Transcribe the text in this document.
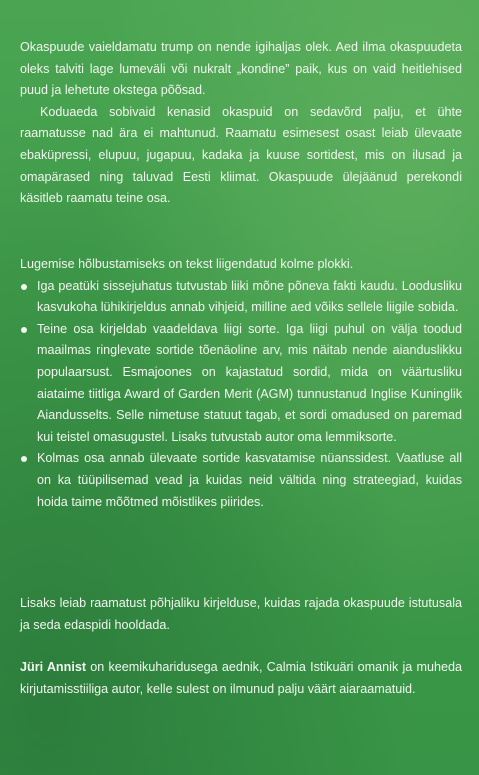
Okaspuude vaieldamatu trump on nende igihaljas olek. Aed ilma okaspuudeta oleks talviti lage lumeväli või nukralt „kondine” paik, kus on vaid heitlehised puud ja lehetute okstega põõsad.

Koduaeda sobivaid kenasid okaspuid on sedavõrd palju, et ühte raamatusse nad ära ei mahtunud. Raamatu esimesest osast leiab ülevaate ebaküpressi, elupuu, jugapuu, kadaka ja kuuse sortidest, mis on ilusad ja omapärased ning taluvad Eesti kliimat. Okaspuude ülejäänud perekondi käsitleb raamatu teine osa.

Lugemise hõlbustamiseks on tekst liigendatud kolme plokki.

Iga peatüki sissejuhatus tutvustab liiki mõne põneva fakti kaudu. Loodusliku kasvukoha lühikirjeldus annab vihjeid, milline aed võiks sellele liigile sobida.
Teine osa kirjeldab vaadeldava liigi sorte. Iga liigi puhul on välja toodud maailmas ringlevate sortide tõenäoline arv, mis näitab nende aianduslikku populaarsust. Esmajoones on kajastatud sordid, mida on väärtusliku aiataime tiitliga Award of Garden Merit (AGM) tunnustanud Inglise Kuninglik Aiandusselts. Selle nimetuse statuut tagab, et sordi omadused on paremad kui teistel omasugustel. Lisaks tutvustab autor oma lemmiksorte.
Kolmas osa annab ülevaate sortide kasvatamise nüanssidest. Vaatluse all on ka tüüpilisemad vead ja kuidas neid vältida ning strateegiad, kuidas hoida taime mõõtmed mõistlikes piirides.

Lisaks leiab raamatust põhjaliku kirjelduse, kuidas rajada okaspuude istutusala ja seda edaspidi hooldada.

Jüri Annist on keemikuharidusega aednik, Calmia Istikuäri omanik ja muheda kirjutamisstiiliga autor, kelle sulest on ilmunud palju väärt aiaraamatuid.
